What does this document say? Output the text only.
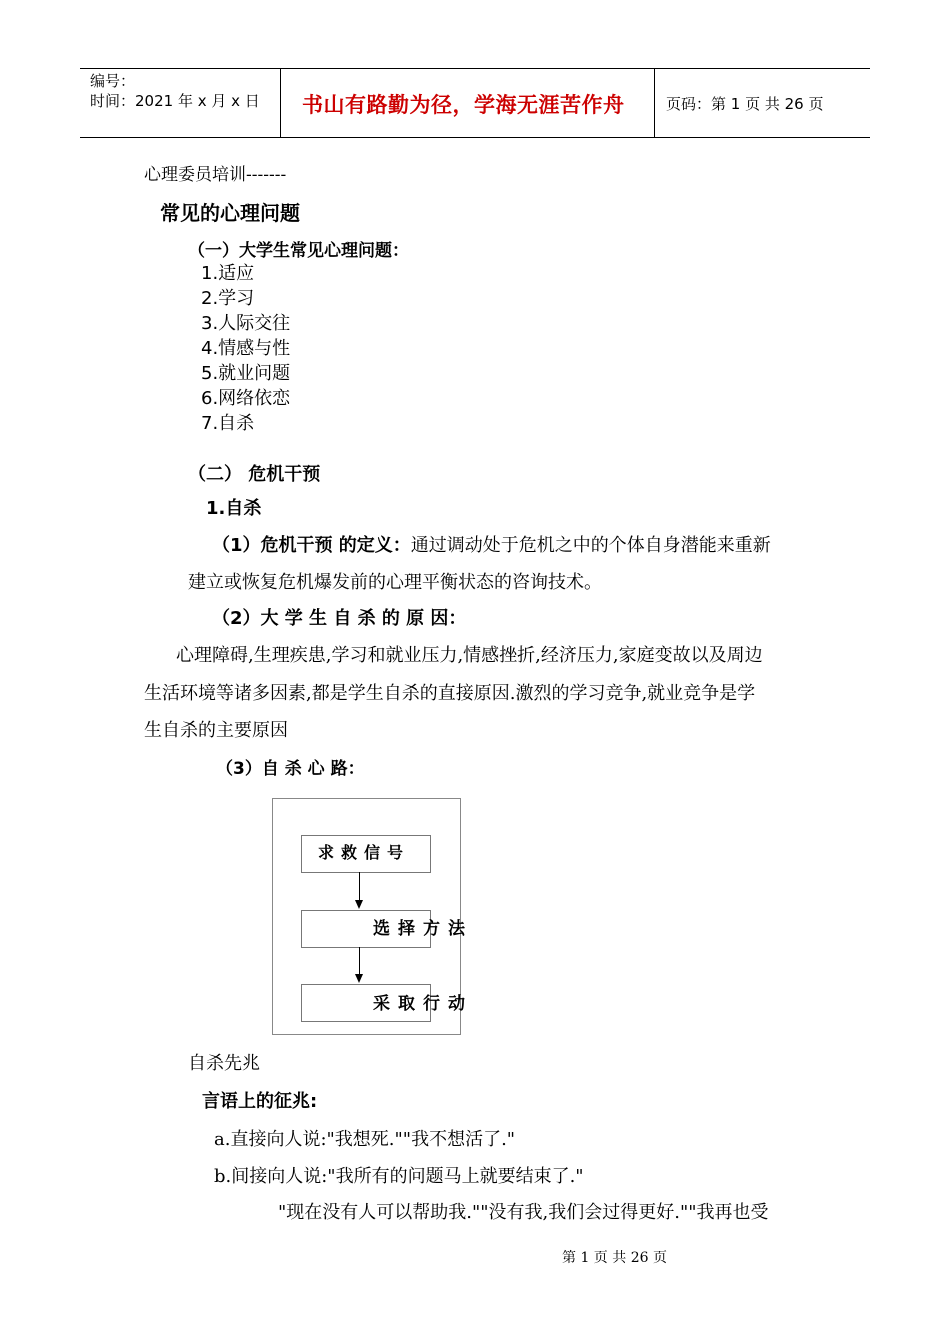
编号：
时间：2021 年 x 月 x 日 书山有路勤为径，学海无涯苦作舟	页码：第 1 页 共 26 页
心理委员培训-------
常见的心理问题
（一）大学生常见心理问题：
1.适应
2.学习
3.人际交往
4.情感与性
5.就业问题
6.网络依恋
7.自杀
（二） 危机干预
1.自杀
（1）危机干预 的定义：通过调动处于危机之中的个体自身潜能来重新
建立或恢复危机爆发前的心理平衡状态的咨询技术。
（2）大 学 生 自 杀 的 原 因：
心理障碍,生理疾患,学习和就业压力,情感挫折,经济压力,家庭变故以及周边
生活环境等诸多因素,都是学生自杀的直接原因.激烈的学习竞争,就业竞争是学
生自杀的主要原因
（3）自 杀 心 路：
求救信号
选择方法
采取行动
自杀先兆
言语上的征兆:
a.直接向人说:"我想死.""我不想活了."
b.间接向人说:"我所有的问题马上就要结束了."
"现在没有人可以帮助我.""没有我,我们会过得更好.""我再也受
第 1 页 共 26 页
